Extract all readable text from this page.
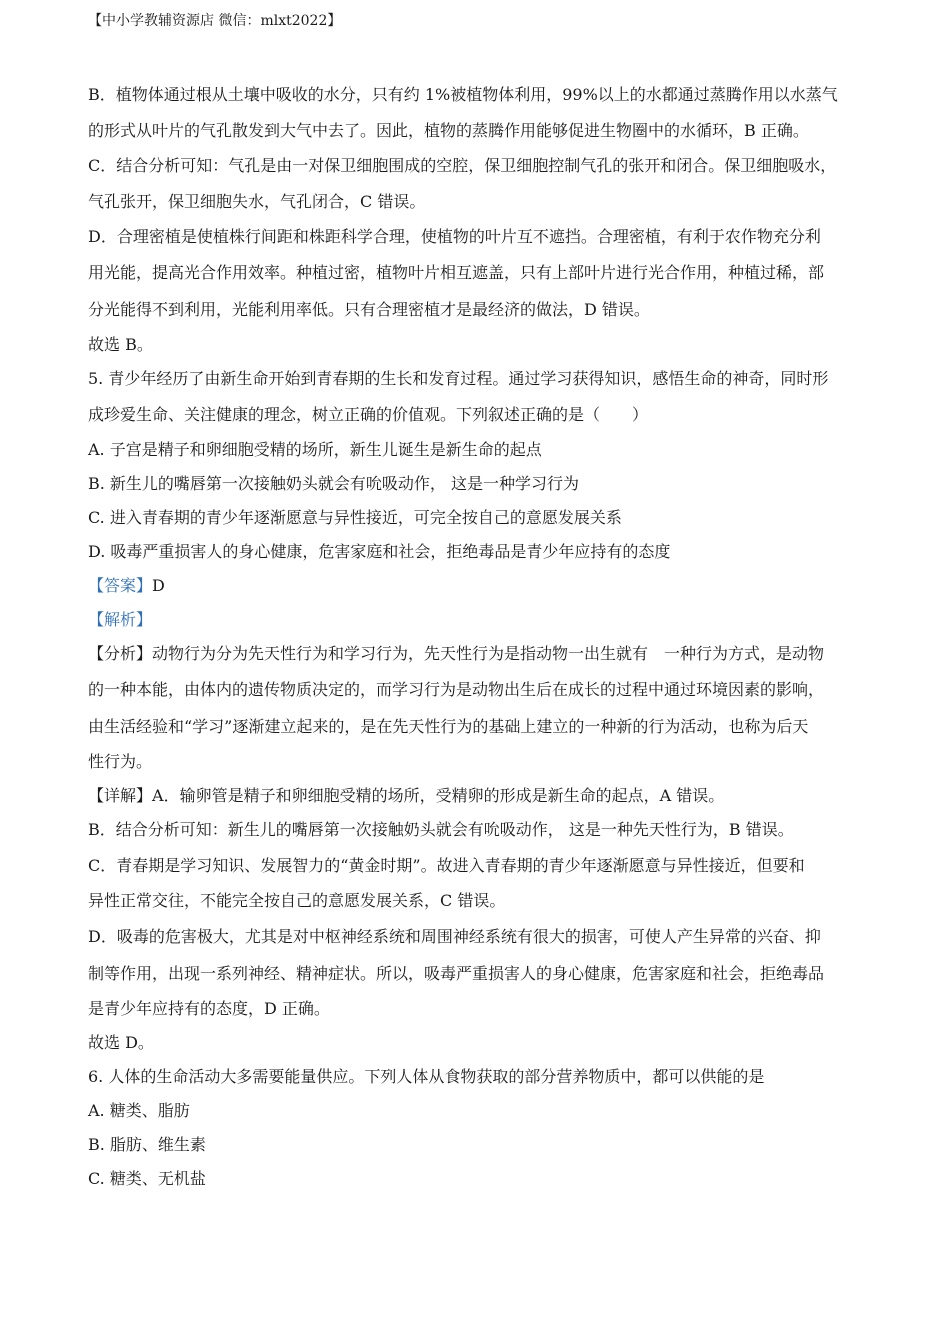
【中小学教辅资源店 微信：mlxt2022】
B．植物体通过根从土壤中吸收的水分，只有约 1%被植物体利用，99%以上的水都通过蒸腾作用以水蒸气
的形式从叶片的气孔散发到大气中去了。因此，植物的蒸腾作用能够促进生物圈中的水循环，B 正确。
C．结合分析可知：气孔是由一对保卫细胞围成的空腔，保卫细胞控制气孔的张开和闭合。保卫细胞吸水，
气孔张开，保卫细胞失水，气孔闭合，C 错误。
D．合理密植是使植株行间距和株距科学合理，使植物的叶片互不遮挡。合理密植，有利于农作物充分利
用光能，提高光合作用效率。种植过密，植物叶片相互遮盖，只有上部叶片进行光合作用，种植过稀，部
分光能得不到利用，光能利用率低。只有合理密植才是最经济的做法，D 错误。
故选 B。
5. 青少年经历了由新生命开始到青春期的生长和发育过程。通过学习获得知识，感悟生命的神奇，同时形
成珍爱生命、关注健康的理念，树立正确的价值观。下列叙述正确的是（　　）
A. 子宫是精子和卵细胞受精的场所，新生儿诞生是新生命的起点
B. 新生儿的嘴唇第一次接触奶头就会有吮吸动作， 这是一种学习行为
C. 进入青春期的青少年逐渐愿意与异性接近，可完全按自己的意愿发展关系
D. 吸毒严重损害人的身心健康，危害家庭和社会，拒绝毒品是青少年应持有的态度
【答案】D
【解析】
【分析】动物行为分为先天性行为和学习行为，先天性行为是指动物一出生就有　一种行为方式，是动物
的一种本能，由体内的遗传物质决定的，而学习行为是动物出生后在成长的过程中通过环境因素的影响，
由生活经验和“学习”逐渐建立起来的，是在先天性行为的基础上建立的一种新的行为活动，也称为后天
性行为。
【详解】A．输卵管是精子和卵细胞受精的场所，受精卵的形成是新生命的起点，A 错误。
B．结合分析可知：新生儿的嘴唇第一次接触奶头就会有吮吸动作， 这是一种先天性行为，B 错误。
C．青春期是学习知识、发展智力的“黄金时期”。故进入青春期的青少年逐渐愿意与异性接近，但要和
异性正常交往，不能完全按自己的意愿发展关系，C 错误。
D．吸毒的危害极大，尤其是对中枢神经系统和周围神经系统有很大的损害，可使人产生异常的兴奋、抑
制等作用，出现一系列神经、精神症状。所以，吸毒严重损害人的身心健康，危害家庭和社会，拒绝毒品
是青少年应持有的态度，D 正确。
故选 D。
6. 人体的生命活动大多需要能量供应。下列人体从食物获取的部分营养物质中，都可以供能的是
A. 糖类、脂肪
B. 脂肪、维生素
C. 糖类、无机盐
